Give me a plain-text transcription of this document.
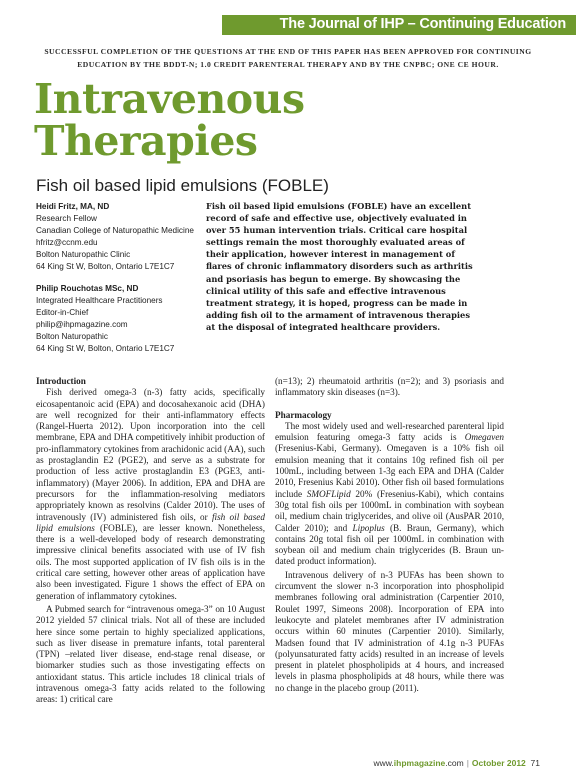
The Journal of IHP – Continuing Education
SUCCESSFUL COMPLETION OF THE QUESTIONS AT THE END OF THIS PAPER HAS BEEN APPROVED FOR CONTINUING EDUCATION BY THE BDDT-N; 1.0 CREDIT PARENTERAL THERAPY AND BY THE CNPBC; ONE CE HOUR.
Intravenous
Therapies
Fish oil based lipid emulsions (FOBLE)
Heidi Fritz, MA, ND
Research Fellow
Canadian College of Naturopathic Medicine
hfritz@ccnm.edu
Bolton Naturopathic Clinic
64 King St W, Bolton, Ontario L7E1C7
Philip Rouchotas MSc, ND
Integrated Healthcare Practitioners
Editor-in-Chief
philip@ihpmagazine.com
Bolton Naturopathic
64 King St W, Bolton, Ontario L7E1C7
Fish oil based lipid emulsions (FOBLE) have an excellent record of safe and effective use, objectively evaluated in over 55 human intervention trials. Critical care hospital settings remain the most thoroughly evaluated areas of their application, however interest in management of flares of chronic inflammatory disorders such as arthritis and psoriasis has begun to emerge. By showcasing the clinical utility of this safe and effective intravenous treatment strategy, it is hoped, progress can be made in adding fish oil to the armament of intravenous therapies at the disposal of integrated healthcare providers.
Introduction

Fish derived omega-3 (n-3) fatty acids, specifically eicosapentanoic acid (EPA) and docosahexanoic acid (DHA) are well recognized for their anti-inflammatory effects (Rangel-Huerta 2012). Upon incorporation into the cell membrane, EPA and DHA competitively inhibit production of pro-inflammatory cytokines from arachidonic acid (AA), such as prostaglandin E2 (PGE2), and serve as a substrate for production of less active prostaglandin E3 (PGE3, anti-inflammatory) (Mayer 2006). In addition, EPA and DHA are precursors for the inflammation-resolving mediators appropriately known as resolvins (Calder 2010). The uses of intravenously (IV) administered fish oils, or fish oil based lipid emulsions (FOBLE), are lesser known. Nonetheless, there is a well-developed body of research demonstrating impressive clinical benefits associated with use of IV fish oils. The most supported application of IV fish oils is in the critical care setting, however other areas of application have also been investigated. Figure 1 shows the effect of EPA on generation of inflammatory cytokines.

A Pubmed search for “intravenous omega-3” on 10 August 2012 yielded 57 clinical trials. Not all of these are included here since some pertain to highly specialized applications, such as liver disease in premature infants, total parenteral (TPN) –related liver disease, end-stage renal disease, or biomarker studies such as those investigating effects on antioxidant status. This article includes 18 clinical trials of intravenous omega-3 fatty acids related to the following areas: 1) critical care

(n=13); 2) rheumatoid arthritis (n=2); and 3) psoriasis and inflammatory skin diseases (n=3).

Pharmacology

The most widely used and well-researched parenteral lipid emulsion featuring omega-3 fatty acids is Omegaven (Fresenius-Kabi, Germany). Omegaven is a 10% fish oil emulsion meaning that it contains 10g refined fish oil per 100mL, including between 1-3g each EPA and DHA (Calder 2010, Fresenius Kabi 2010). Other fish oil based formulations include SMOFLipid 20% (Fresenius-Kabi), which contains 30g total fish oils per 1000mL in combination with soybean oil, medium chain triglycerides, and olive oil (AusPAR 2010, Calder 2010); and Lipoplus (B. Braun, Germany), which contains 20g total fish oil per 1000mL in combination with soybean oil and medium chain triglycerides (B. Braun un-dated product information).

Intravenous delivery of n-3 PUFAs has been shown to circumvent the slower n-3 incorporation into phospholipid membranes following oral administration (Carpentier 2010, Roulet 1997, Simeons 2008). Incorporation of EPA into leukocyte and platelet membranes after IV administration occurs within 60 minutes (Carpentier 2010). Similarly, Madsen found that IV administration of 4.1g n-3 PUFAs (polyunsaturated fatty acids) resulted in an increase of levels present in platelet phospholipids at 4 hours, and increased levels in plasma phospholipids at 48 hours, while there was no change in the placebo group (2011).

www.ihpmagazine.com | October 2012 71
